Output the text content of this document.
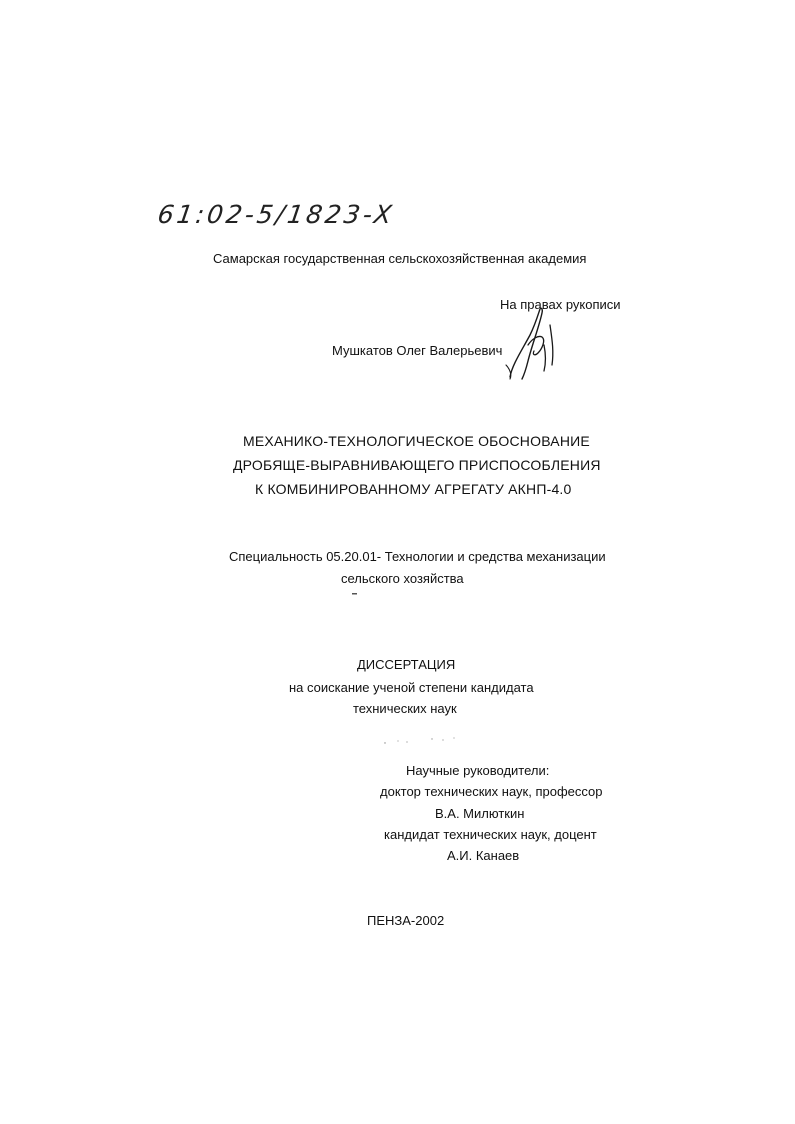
61:02-5/1823-X
Самарская государственная сельскохозяйственная академия
На правах рукописи
Мушкатов Олег Валерьевич
МЕХАНИКО-ТЕХНОЛОГИЧЕСКОЕ ОБОСНОВАНИЕ
ДРОБЯЩЕ-ВЫРАВНИВАЮЩЕГО ПРИСПОСОБЛЕНИЯ
К КОМБИНИРОВАННОМУ АГРЕГАТУ АКНП-4.0
Специальность 05.20.01- Технологии и средства механизации
сельского хозяйства
ДИССЕРТАЦИЯ
на соискание ученой степени кандидата
технических наук
Научные руководители:
доктор технических наук, профессор
В.А. Милюткин
кандидат технических наук, доцент
А.И. Канаев
ПЕНЗА-2002
